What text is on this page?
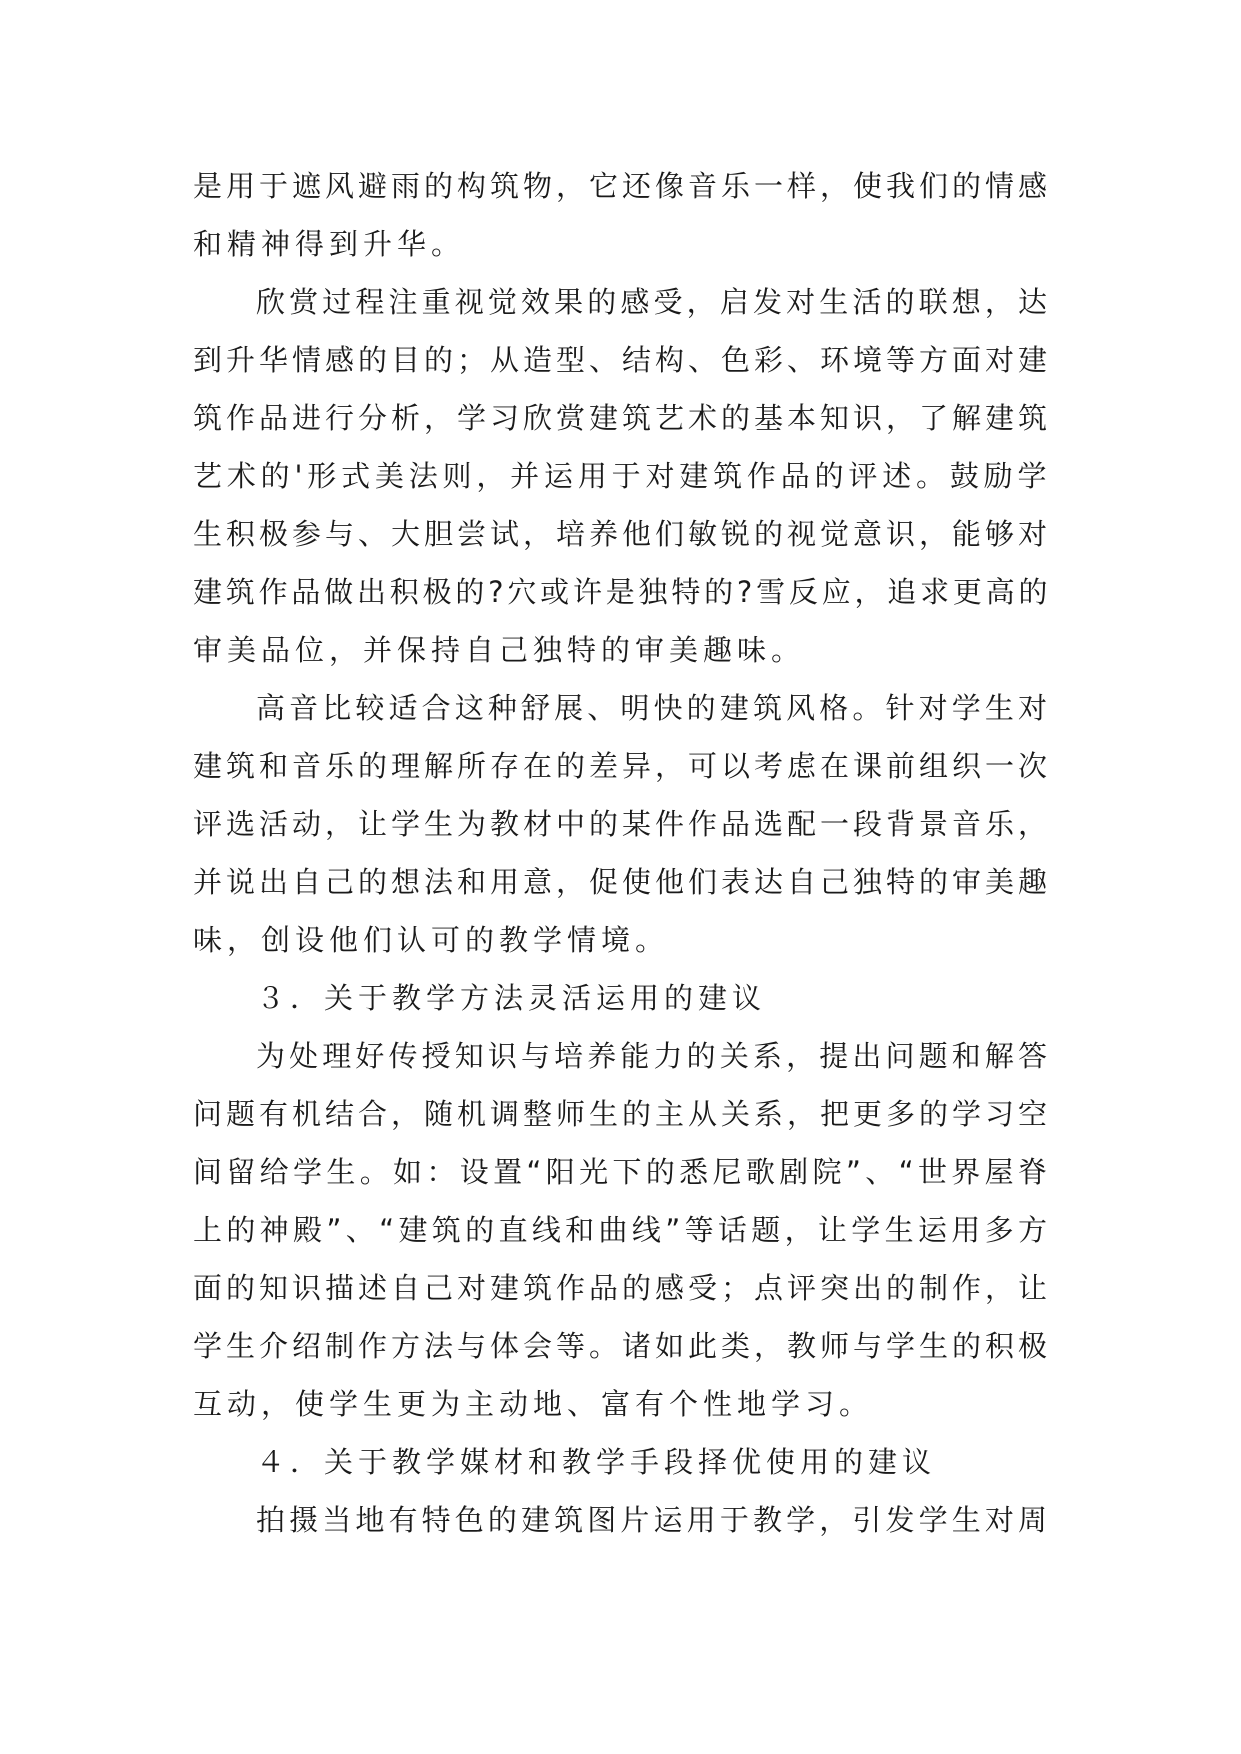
是用于遮风避雨的构筑物，它还像音乐一样，使我们的情感
和精神得到升华。
欣赏过程注重视觉效果的感受，启发对生活的联想，达
到升华情感的目的；从造型、结构、色彩、环境等方面对建
筑作品进行分析，学习欣赏建筑艺术的基本知识，了解建筑
艺术的'形式美法则，并运用于对建筑作品的评述。鼓励学
生积极参与、大胆尝试，培养他们敏锐的视觉意识，能够对
建筑作品做出积极的?穴或许是独特的?雪反应，追求更高的
审美品位，并保持自己独特的审美趣味。
高音比较适合这种舒展、明快的建筑风格。针对学生对
建筑和音乐的理解所存在的差异，可以考虑在课前组织一次
评选活动，让学生为教材中的某件作品选配一段背景音乐，
并说出自己的想法和用意，促使他们表达自己独特的审美趣
味，创设他们认可的教学情境。
３．关于教学方法灵活运用的建议
为处理好传授知识与培养能力的关系，提出问题和解答
问题有机结合，随机调整师生的主从关系，把更多的学习空
间留给学生。如：设置“阳光下的悉尼歌剧院”、“世界屋脊
上的神殿”、“建筑的直线和曲线”等话题，让学生运用多方
面的知识描述自己对建筑作品的感受；点评突出的制作，让
学生介绍制作方法与体会等。诸如此类，教师与学生的积极
互动，使学生更为主动地、富有个性地学习。
４．关于教学媒材和教学手段择优使用的建议
拍摄当地有特色的建筑图片运用于教学，引发学生对周
